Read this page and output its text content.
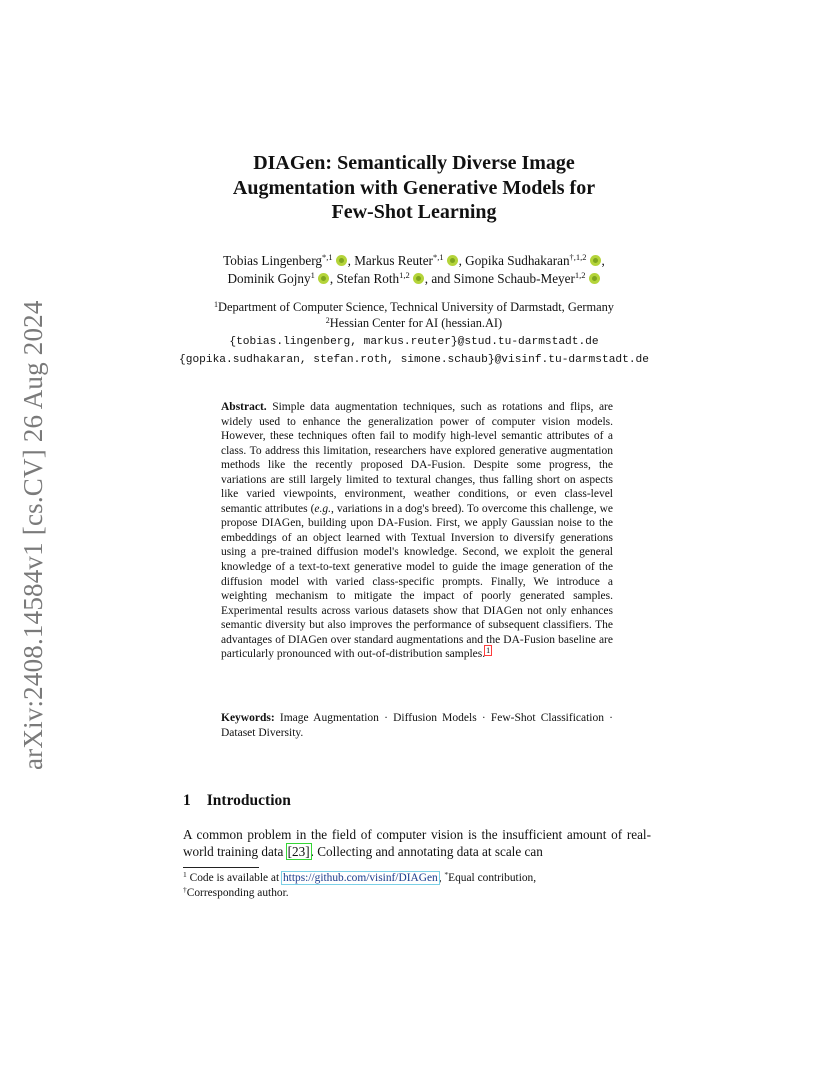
arXiv:2408.14584v1 [cs.CV] 26 Aug 2024
DIAGen: Semantically Diverse Image
Augmentation with Generative Models for
Few-Shot Learning
Tobias Lingenberg$^{*,1}$ , Markus Reuter$^{*,1}$ , Gopika Sudhakaran$^{\dagger,1,2}$ ,
Dominik Gojny$^1$ , Stefan Roth$^{1,2}$ , and Simone Schaub-Meyer$^{1,2}$
$^1$Department of Computer Science, Technical University of Darmstadt, Germany
$^2$Hessian Center for AI (hessian.AI)
{tobias.lingenberg, markus.reuter}@stud.tu-darmstadt.de
{gopika.sudhakaran, stefan.roth, simone.schaub}@visinf.tu-darmstadt.de
Abstract. Simple data augmentation techniques, such as rotations and flips, are widely used to enhance the generalization power of computer vision models. However, these techniques often fail to modify high-level semantic attributes of a class. To address this limitation, researchers have explored generative augmentation methods like the recently proposed DA-Fusion. Despite some progress, the variations are still largely limited to textural changes, thus falling short on aspects like varied viewpoints, environment, weather conditions, or even class-level semantic attributes (e.g., variations in a dog's breed). To overcome this challenge, we propose DIAGen, building upon DA-Fusion. First, we apply Gaussian noise to the embeddings of an object learned with Textual Inversion to diversify generations using a pre-trained diffusion model's knowledge. Second, we exploit the general knowledge of a text-to-text generative model to guide the image generation of the diffusion model with varied class-specific prompts. Finally, We introduce a weighting mechanism to mitigate the impact of poorly generated samples. Experimental results across various datasets show that DIAGen not only enhances semantic diversity but also improves the performance of subsequent classifiers. The advantages of DIAGen over standard augmentations and the DA-Fusion baseline are particularly pronounced with out-of-distribution samples.$^1$
Keywords: Image Augmentation · Diffusion Models · Few-Shot Classification · Dataset Diversity.
1 Introduction
A common problem in the field of computer vision is the insufficient amount of real-world training data [23]. Collecting and annotating data at scale can
$^1$ Code is available at https://github.com/visinf/DIAGen, *Equal contribution,
†Corresponding author.
